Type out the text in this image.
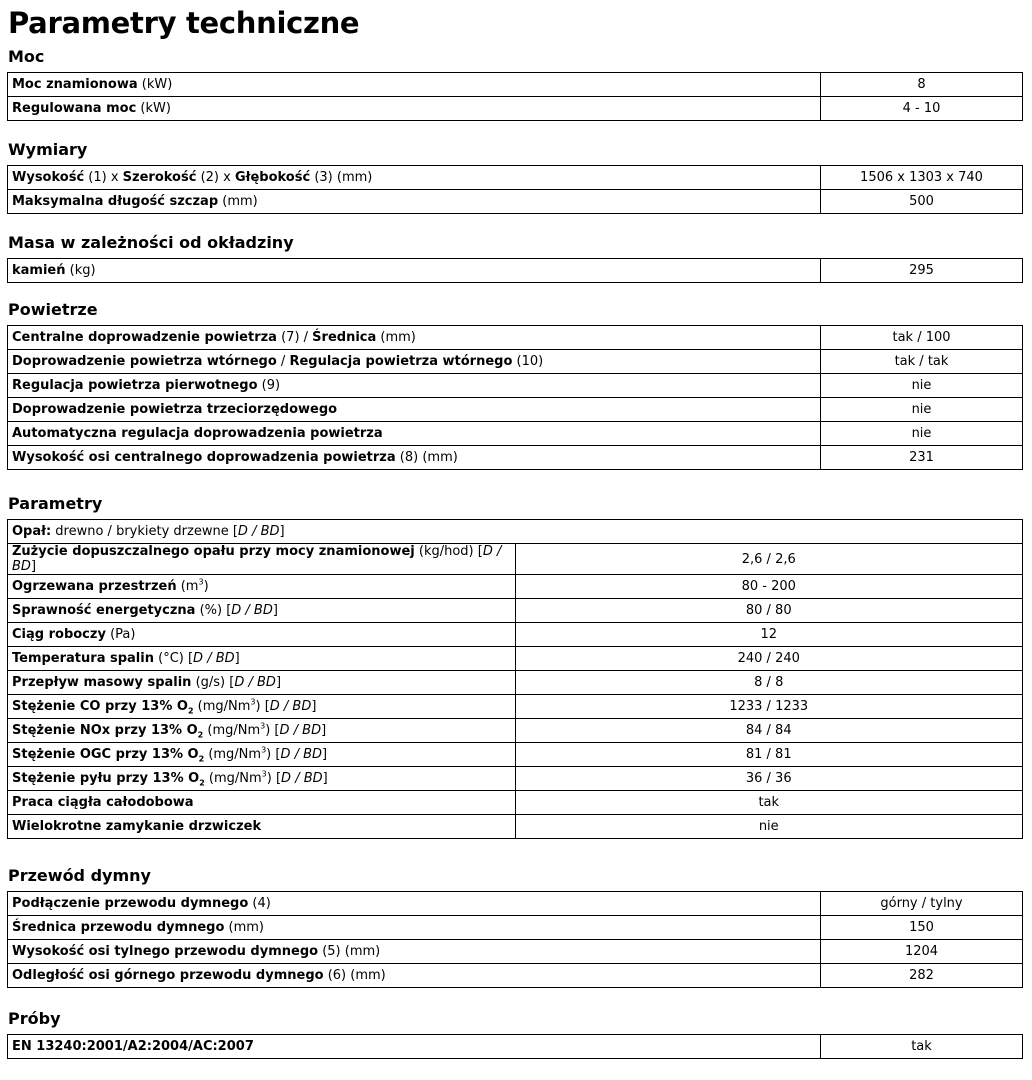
Parametry techniczne
Moc
Moc znamionowa (kW)	8
Regulowana moc (kW)	4 - 10
Wymiary
Wysokość (1) x Szerokość (2) x Głębokość (3) (mm)	1506 x 1303 x 740
Maksymalna długość szczap (mm)	500
Masa w zależności od okładziny
kamień (kg)	295
Powietrze
Centralne doprowadzenie powietrza (7) / Średnica (mm)	tak / 100
Doprowadzenie powietrza wtórnego / Regulacja powietrza wtórnego (10)	tak / tak
Regulacja powietrza pierwotnego (9)	nie
Doprowadzenie powietrza trzeciorzędowego	nie
Automatyczna regulacja doprowadzenia powietrza	nie
Wysokość osi centralnego doprowadzenia powietrza (8) (mm)	231
Parametry
Opał: drewno / brykiety drzewne [D / BD]	
Zużycie dopuszczalnego opału przy mocy znamionowej (kg/hod) [D / BD]	2,6 / 2,6
Ogrzewana przestrzeń $(m^3)$	80 - 200
Sprawność energetyczna (%) [D / BD]	80 / 80
Ciąg roboczy (Pa)	12
Temperatura spalin (°C) [D / BD]	240 / 240
Przepływ masowy spalin (g/s) [D / BD]	8 / 8
Stężenie CO przy 13% $O_2$ (mg/Nm$^3$) [D / BD]	1233 / 1233
Stężenie NOx przy 13% $O_2$ (mg/Nm$^3$) [D / BD]	84 / 84
Stężenie OGC przy 13% $O_2$ (mg/Nm$^3$) [D / BD]	81 / 81
Stężenie pyłu przy 13% $O_2$ (mg/Nm$^3$) [D / BD]	36 / 36
Praca ciągła całodobowa	tak
Wielokrotne zamykanie drzwiczek	nie
Przewód dymny
Podłączenie przewodu dymnego (4)	górny / tylny
Średnica przewodu dymnego (mm)	150
Wysokość osi tylnego przewodu dymnego (5) (mm)	1204
Odległość osi górnego przewodu dymnego (6) (mm)	282
Próby
EN 13240:2001/A2:2004/AC:2007	tak
